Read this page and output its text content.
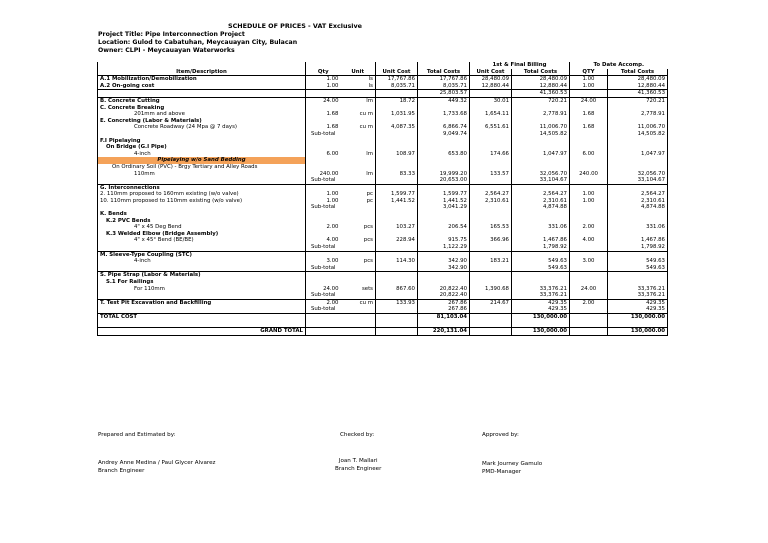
SCHEDULE OF PRICES - VAT Exclusive
Project Title: Pipe Interconnection Project
Location: Gulod to Cabatuhan, Meycauayan City, Bulacan
Owner: CLPI - Meycauayan Waterworks
					1st & Final Billing		To Date Accomp.	
Item/Description	Qty	Unit	Unit Cost	Total Costs	Unit Cost	Total Costs	QTY	Total Costs
A.1 Mobilization/Demobilization	1.00	ls	17,767.86	17,767.86	28,480.09	28,480.09	1.00	28,480.09
A.2 On-going cost	1.00	ls	8,035.71	8,035.71	12,880.44	12,880.44	1.00	12,880.44
				25,803.57		41,360.53		41,360.53
B. Concrete Cutting	24.00	lm	18.72	449.32	30.01	720.21	24.00	720.21
C. Concrete Breaking								
201mm and above	1.68	cu m	1,031.95	1,733.68	1,654.11	2,778.91	1.68	2,778.91
E. Concreting (Labor & Materials)								
Concrete Roadway (24 Mpa @ 7 days)	1.68	cu m	4,087.35	6,866.74	6,551.61	11,006.70	1.68	11,006.70
	Sub-total			9,049.74		14,505.82		14,505.82
F.I Pipelaying								
On Bridge (G.I Pipe)								
4-inch	6.00	lm	108.97	653.80	174.66	1,047.97	6.00	1,047.97
Pipelaying w/o Sand Bedding								
On Ordinary Soil (PVC) - Brgy Tertiary and Alley Roads								
110mm	240.00	lm	83.33	19,999.20	133.57	32,056.70	240.00	32,056.70
	Sub-total			20,653.00		33,104.67		33,104.67
G. Interconnections								
2. 110mm proposed to 160mm existing (w/o valve)	1.00	pc	1,599.77	1,599.77	2,564.27	2,564.27	1.00	2,564.27
10. 110mm proposed to 110mm existing (w/o valve)	1.00	pc	1,441.52	1,441.52	2,310.61	2,310.61	1.00	2,310.61
	Sub-total			3,041.29		4,874.88		4,874.88
K. Bends								
K.2 PVC Bends								
4" x 45 Deg Bend	2.00	pcs	103.27	206.54	165.53	331.06	2.00	331.06
K.3 Welded Elbow (Bridge Assembly)								
4" x 45° Bend (BE/BE)	4.00	pcs	228.94	915.75	366.96	1,467.86	4.00	1,467.86
	Sub-total			1,122.29		1,798.92		1,798.92
M. Sleeve-Type Coupling (STC)								
4-inch	3.00	pcs	114.30	342.90	183.21	549.63	3.00	549.63
	Sub-total			342.90		549.63		549.63
S. Pipe Strap (Labor & Materials)								
S.1 For Railings								
For 110mm	24.00	sets	867.60	20,822.40	1,390.68	33,376.21	24.00	33,376.21
	Sub-total			20,822.40		33,376.21		33,376.21
T. Test Pit Excavation and Backfilling	2.00	cu m	133.93	267.86	214.67	429.35	2.00	429.35
	Sub-total			267.86		429.35		429.35
TOTAL COST				81,103.04		130,000.00		130,000.00

GRAND TOTAL				220,131.04		130,000.00		130,000.00
Prepared and Estimated by:
Andrey Anne Medina / Paul Glycer Alvarez
Branch Engineer
Checked by:
Joan T. Mallari
Branch Engineer
Approved by:
Mark Journey Gamulo
PMD-Manager
